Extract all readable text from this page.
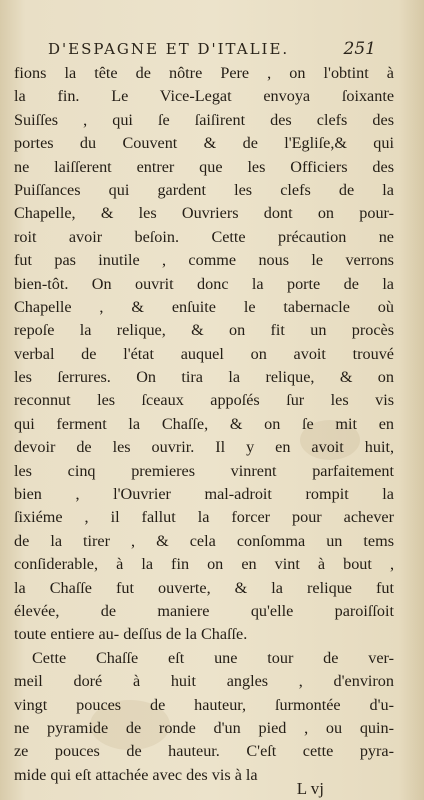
D'ESPAGNE ET D'ITALIE.	251
fions la tête de nôtre Pere , on l'obtint à
la fin. Le Vice-Legat envoya ſoixante
Suiſſes , qui ſe ſaiſirent des clefs des
portes du Couvent & de l'Egliſe,& qui
ne laiſſerent entrer que les Officiers des
Puiſſances qui gardent les clefs de la
Chapelle, & les Ouvriers dont on pour-
roit avoir beſoin. Cette précaution ne
fut pas inutile , comme nous le verrons
bien-tôt. On ouvrit donc la porte de la
Chapelle , & enſuite le tabernacle où
repoſe la relique, & on fit un procès
verbal de l'état auquel on avoit trouvé
les ſerrures. On tira la relique, & on
reconnut les ſceaux appoſés ſur les vis
qui ferment la Chaſſe, & on ſe mit en
devoir de les ouvrir. Il y en avoit huit,
les cinq premieres vinrent parfaitement
bien , l'Ouvrier mal-adroit rompit la
ſixiéme , il fallut la forcer pour achever
de la tirer , & cela conſomma un tems
conſiderable, à la fin on en vint à bout ,
la Chaſſe fut ouverte, & la relique fut
élevée, de maniere qu'elle paroiſſoit
toute entiere au- deſſus de la Chaſſe.
Cette Chaſſe eſt une tour de ver-
meil doré à huit angles , d'environ
vingt pouces de hauteur, ſurmontée d'u-
ne pyramide de ronde d'un pied , ou quin-
ze pouces de hauteur. C'eſt cette pyra-
mide qui eſt attachée avec des vis à la
L vj
